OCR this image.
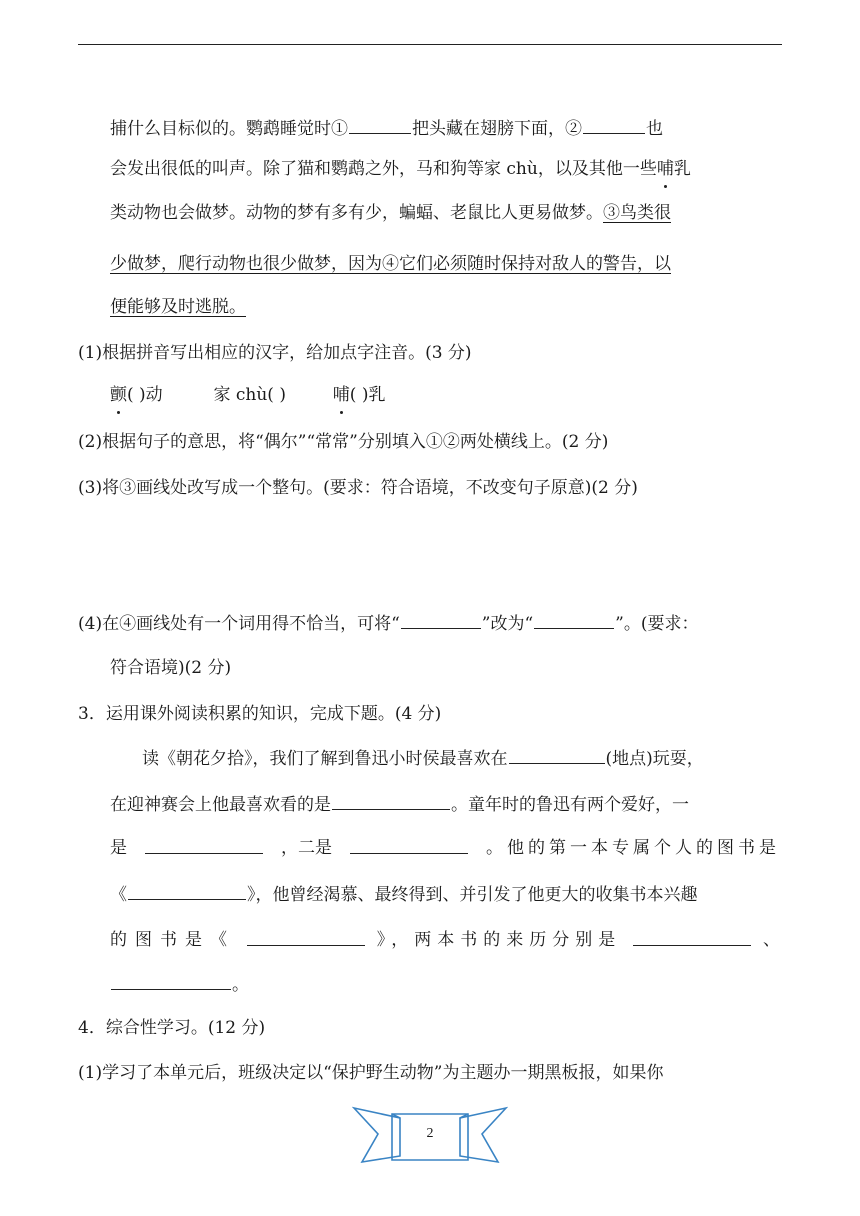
捕什么目标似的。鹦鹉睡觉时①	把头藏在翅膀下面，②	也
会发出很低的叫声。除了猫和鹦鹉之外，马和狗等家 chù，以及其他一些哺乳
类动物也会做梦。动物的梦有多有少，蝙蝠、老鼠比人更易做梦。③鸟类很
少做梦，爬行动物也很少做梦，因为④它们必须随时保持对敌人的警告，以
便能够及时逃脱。
(1)根据拼音写出相应的汉字，给加点字注音。(3 分)
颤( )动	家 chù( )	哺( )乳
(2)根据句子的意思，将“偶尔”“常常”分别填入①②两处横线上。(2 分)
(3)将③画线处改写成一个整句。(要求：符合语境，不改变句子原意)(2 分)
(4)在④画线处有一个词用得不恰当，可将“	”改为“	”。(要求：
符合语境)(2 分)
3．运用课外阅读积累的知识，完成下题。(4 分)
读《朝花夕拾》，我们了解到鲁迅小时侯最喜欢在	(地点)玩耍，
在迎神赛会上他最喜欢看的是	。童年时的鲁迅有两个爱好，一
是	，二是	。他的第一本专属个人的图书是
《	》，他曾经渴慕、最终得到、并引发了他更大的收集书本兴趣
的图书是《	》，两本书的来历分别是	、
。
4．综合性学习。(12 分)
(1)学习了本单元后，班级决定以“保护野生动物”为主题办一期黑板报，如果你
2
